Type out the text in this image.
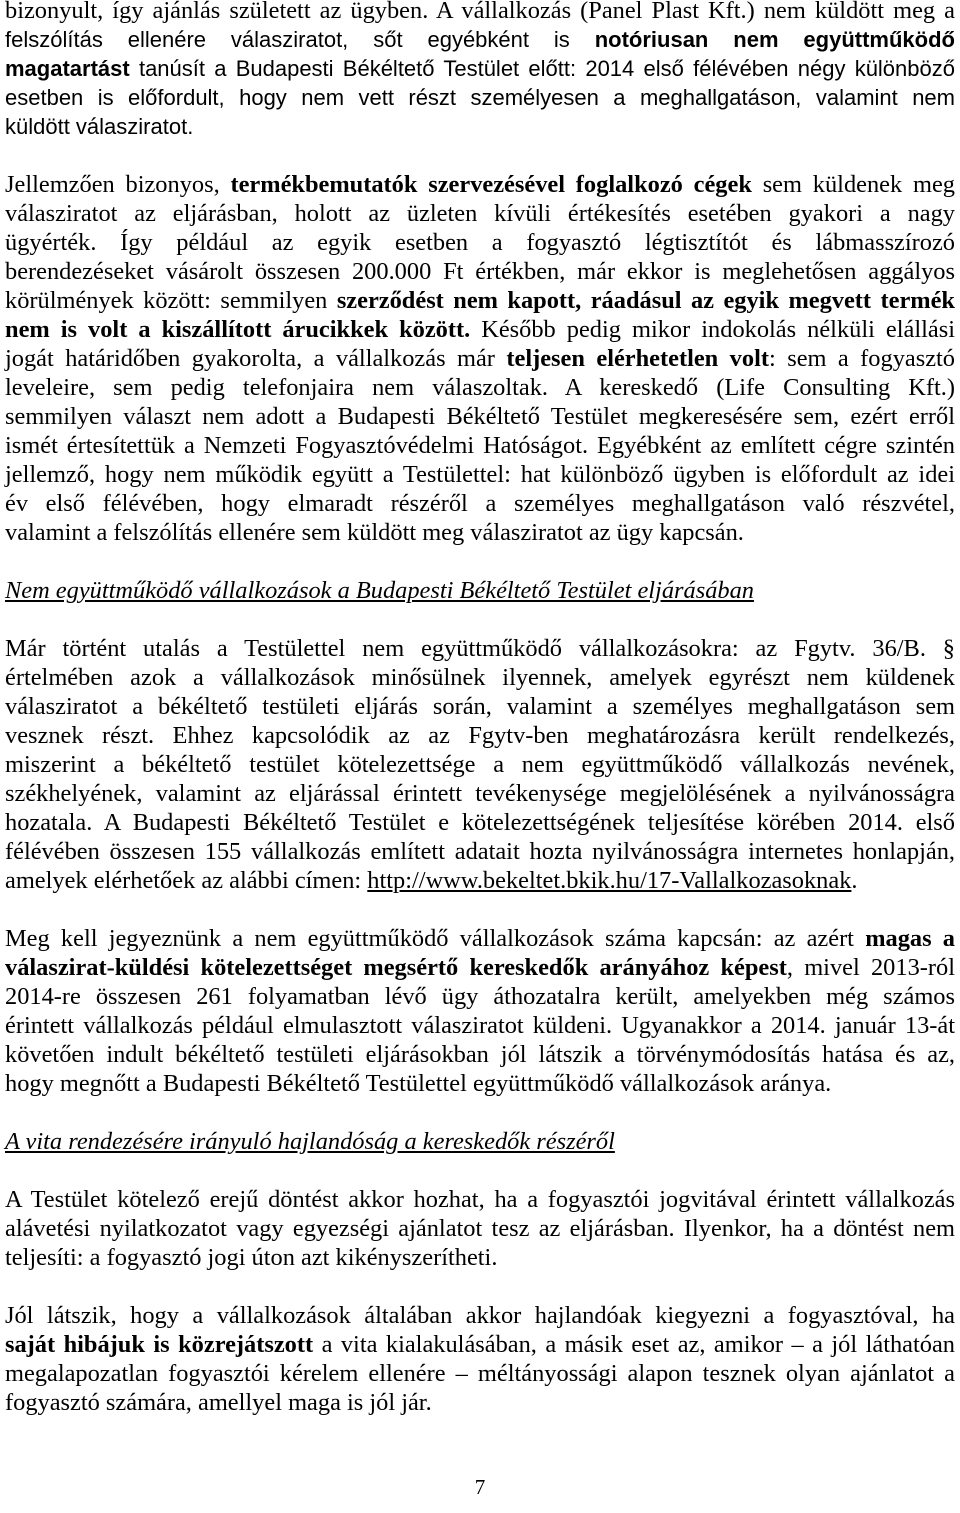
bizonyult, így ajánlás született az ügyben. A vállalkozás (Panel Plast Kft.) nem küldött meg a
felszólítás ellenére válasziratot, sőt egyébként is notóriusan nem együttműködő
magatartást tanúsít a Budapesti Békéltető Testület előtt: 2014 első félévében négy különböző
esetben is előfordult, hogy nem vett részt személyesen a meghallgatáson, valamint nem
küldött válasziratot.
Jellemzően bizonyos, termékbemutatók szervezésével foglalkozó cégek sem küldenek meg
válasziratot az eljárásban, holott az üzleten kívüli értékesítés esetében gyakori a nagy
ügyérték. Így például az egyik esetben a fogyasztó légtisztítót és lábmasszírozó
berendezéseket vásárolt összesen 200.000 Ft értékben, már ekkor is meglehetősen aggályos
körülmények között: semmilyen szerződést nem kapott, ráadásul az egyik megvett termék
nem is volt a kiszállított árucikkek között. Később pedig mikor indokolás nélküli elállási
jogát határidőben gyakorolta, a vállalkozás már teljesen elérhetetlen volt: sem a fogyasztó
leveleire, sem pedig telefonjaira nem válaszoltak. A kereskedő (Life Consulting Kft.)
semmilyen választ nem adott a Budapesti Békéltető Testület megkeresésére sem, ezért erről
ismét értesítettük a Nemzeti Fogyasztóvédelmi Hatóságot. Egyébként az említett cégre szintén
jellemző, hogy nem működik együtt a Testülettel: hat különböző ügyben is előfordult az idei
év első félévében, hogy elmaradt részéről a személyes meghallgatáson való részvétel,
valamint a felszólítás ellenére sem küldött meg válasziratot az ügy kapcsán.
Nem együttműködő vállalkozások a Budapesti Békéltető Testület eljárásában
Már történt utalás a Testülettel nem együttműködő vállalkozásokra: az Fgytv. 36/B. §
értelmében azok a vállalkozások minősülnek ilyennek, amelyek egyrészt nem küldenek
válasziratot a békéltető testületi eljárás során, valamint a személyes meghallgatáson sem
vesznek részt. Ehhez kapcsolódik az az Fgytv-ben meghatározásra került rendelkezés,
miszerint a békéltető testület kötelezettsége a nem együttműködő vállalkozás nevének,
székhelyének, valamint az eljárással érintett tevékenysége megjelölésének a nyilvánosságra
hozatala. A Budapesti Békéltető Testület e kötelezettségének teljesítése körében 2014. első
félévében összesen 155 vállalkozás említett adatait hozta nyilvánosságra internetes honlapján,
amelyek elérhetőek az alábbi címen: http://www.bekeltet.bkik.hu/17-Vallalkozasoknak.
Meg kell jegyeznünk a nem együttműködő vállalkozások száma kapcsán: az azért magas a
válaszirat-küldési kötelezettséget megsértő kereskedők arányához képest, mivel 2013-ról
2014-re összesen 261 folyamatban lévő ügy áthozatalra került, amelyekben még számos
érintett vállalkozás például elmulasztott válasziratot küldeni. Ugyanakkor a 2014. január 13-át
követően indult békéltető testületi eljárásokban jól látszik a törvénymódosítás hatása és az,
hogy megnőtt a Budapesti Békéltető Testülettel együttműködő vállalkozások aránya.
A vita rendezésére irányuló hajlandóság a kereskedők részéről
A Testület kötelező erejű döntést akkor hozhat, ha a fogyasztói jogvitával érintett vállalkozás
alávetési nyilatkozatot vagy egyezségi ajánlatot tesz az eljárásban. Ilyenkor, ha a döntést nem
teljesíti: a fogyasztó jogi úton azt kikényszerítheti.
Jól látszik, hogy a vállalkozások általában akkor hajlandóak kiegyezni a fogyasztóval, ha
saját hibájuk is közrejátszott a vita kialakulásában, a másik eset az, amikor – a jól láthatóan
megalapozatlan fogyasztói kérelem ellenére – méltányossági alapon tesznek olyan ajánlatot a
fogyasztó számára, amellyel maga is jól jár.
7
